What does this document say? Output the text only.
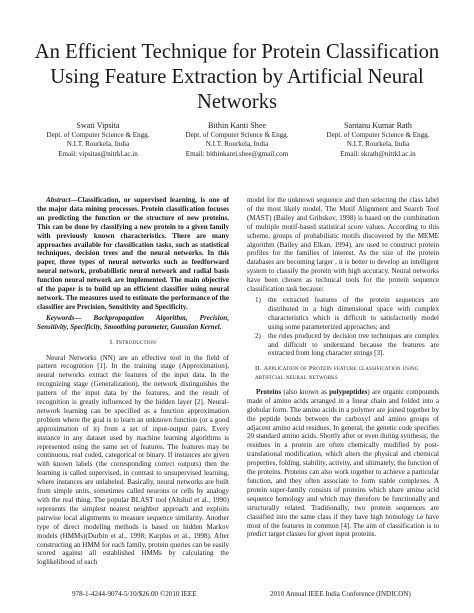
An Efficient Technique for Protein Classification Using Feature Extraction by Artificial Neural Networks
Swati Vipsita
Dept. of Computer Science & Engg.
N.I.T. Rourkela, India
Email: vipsitas@nitrkl.ac.in
Bithin Kanti Shee
Dept. of Computer Science & Engg.
N.I.T. Rourkela, India
Email: bithinkanti.shee@gmail.com
Santanu Kumar Rath
Dept. of Computer Science & Engg.
N.I.T. Rourkela, India
Email: skrath@nitrkl.ac.in

Abstract—Classification, or supervised learning, is one of the major data mining processes. Protein classification focuses on predicting the function or the structure of new proteins. This can be done by classifying a new protein to a given family with previously known characteristics. There are many approaches available for classification tasks, such as statistical techniques, decision trees and the neural networks. In this paper, three types of neural networks such as feedforward neural network, probabilistic neural network and radial basis function neural network are implemented. The main objective of the paper is to build up an efficient classifier using neural network. The measures used to estimate the performance of the classifier are Precision, Sensitivity and Specificity.

Keywords— Backpropagation Algorithm, Precision, Sensitivity, Specificity, Smoothing parameter, Gaussian Kernel.

I. Introduction

Neural Networks (NN) are an effective tool in the field of pattern recognition [1]. In the training stage (Approximation), neural networks extract the features of the input data. In the recognizing stage (Generalization), the network distinguishes the pattern of the input data by the features, and the result of recognition is greatly influenced by the hidden layer [2]. Neural-network learning can be specified as a function approximation problem where the goal is to learn an unknown function (or a good approximation of it) from a set of input-output pairs. Every instance in any dataset used by machine learning algorithms is represented using the same set of features. The features may be continuous, real coded, categorical or binary. If instances are given with known labels (the corresponding correct outputs) then the learning is called supervised, in contrast to unsupervised learning, where instances are unlabeled. Basically, neural networks are built from simple units, sometimes called neurons or cells by analogy with the real thing. The popular BLAST tool (Altshul et al., 1990) represents the simplest nearest neighbor approach and exploits pairwise local alignments to measure sequence similarity. Another type of direct modeling methods is based on hidden Markov models (HMMs)(Durbin et al., 1998; Karplus et al., 1998). After constructing an HMM for each family, protein queries can be easily scored against all established HMMs by calculating the loglikelihood of each

model for the unknown sequence and then selecting the class label of the most likely model. The Motif Alignment and Search Tool (MAST) (Bailey and Gribskov, 1998) is based on the combination of multiple motif-based statistical score values. According to this scheme, groups of probabilistic motifs discovered by the MEME algorithm (Bailey and Elkan, 1994), are used to construct protein profiles for the families of interest. As the size of the protein databases are becoming larger , it is better to develop an intelligent system to classify the protein with high accuracy. Neural networks have been chosen as technical tools for the protein sequence classification task because:

1) the extracted features of the protein sequences are distributed in a high dimensional space with complex characteristics which is difficult to satisfactorily model using some parameterized approaches; and
2) the rules produced by decision tree techniques are complex and difficult to understand because the features are extracted from long character strings [3].

II. Application of Protein feature classification using artificial neural networks

Proteins (also known as polypeptides) are organic compounds made of amino acids arranged in a linear chain and folded into a globular form. The amino acids in a polymer are joined together by the peptide bonds between the carboxyl and amino groups of adjacent amino acid residues. In general, the genetic code specifies 20 standard amino acids. Shortly after or even during synthesis, the residues in a protein are often chemically modified by post-translational modification, which alters the physical and chemical properties, folding, stability, activity, and ultimately, the function of the proteins. Proteins can also work together to achieve a particular function, and they often associate to form stable complexes. A protein super-family consists of proteins which share amino acid sequence homology and which may therefore be functionally and structurally related. Traditionally, two protein sequences are classified into the same class if they have high homology i.e have most of the features in common [4]. The aim of classification is to predict target classes for given input proteins.

978-1-4244-9074-5/10/$26.00 ©2010 IEEE	2010 Annual IEEE India Conference (INDICON)
